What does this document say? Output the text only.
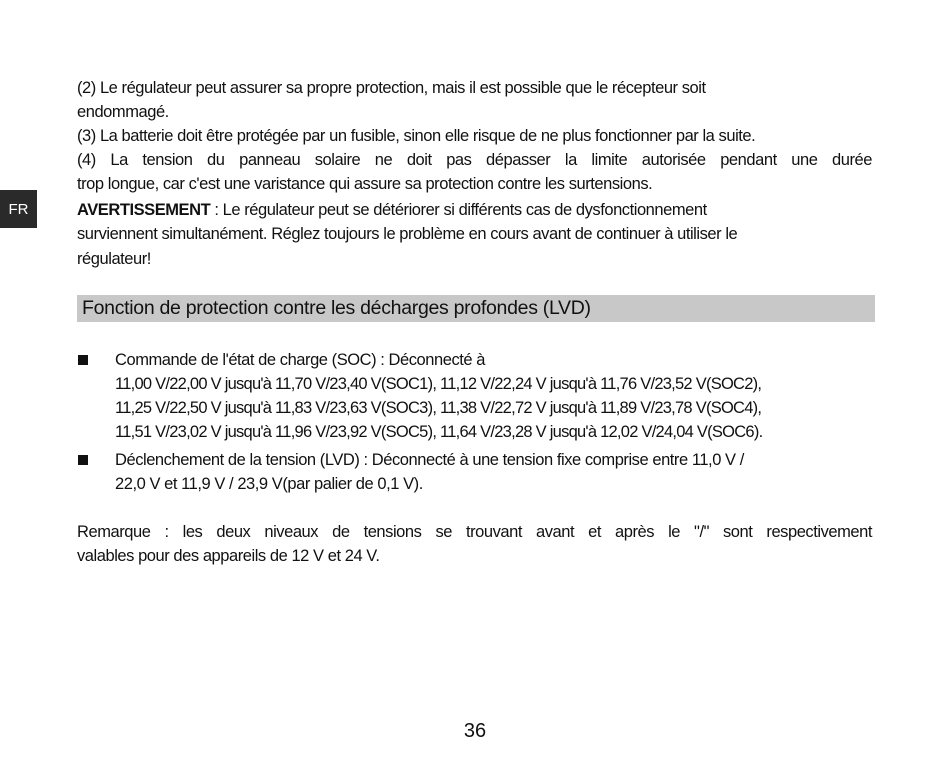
FR
(2) Le régulateur peut assurer sa propre protection, mais il est possible que le récepteur soit
endommagé.
(3) La batterie doit être protégée par un fusible, sinon elle risque de ne plus fonctionner par la suite.
(4) La tension du panneau solaire ne doit pas dépasser la limite autorisée pendant une durée
trop longue, car c'est une varistance qui assure sa protection contre les surtensions.
AVERTISSEMENT : Le régulateur peut se détériorer si différents cas de dysfonctionnement
surviennent simultanément. Réglez toujours le problème en cours avant de continuer à utiliser le
régulateur!
Fonction de protection contre les décharges profondes (LVD)
Commande de l'état de charge (SOC) : Déconnecté à
11,00 V/22,00 V jusqu'à 11,70 V/23,40 V(SOC1), 11,12 V/22,24 V jusqu'à 11,76 V/23,52 V(SOC2),
11,25 V/22,50 V jusqu'à 11,83 V/23,63 V(SOC3), 11,38 V/22,72 V jusqu'à 11,89 V/23,78 V(SOC4),
11,51 V/23,02 V jusqu'à 11,96 V/23,92 V(SOC5), 11,64 V/23,28 V jusqu'à 12,02 V/24,04 V(SOC6).
Déclenchement de la tension (LVD) : Déconnecté à une tension fixe comprise entre 11,0 V /
22,0 V et 11,9 V / 23,9 V(par palier de 0,1 V).
Remarque : les deux niveaux de tensions se trouvant avant et après le "/" sont respectivement
valables pour des appareils de 12 V et 24 V.
36
